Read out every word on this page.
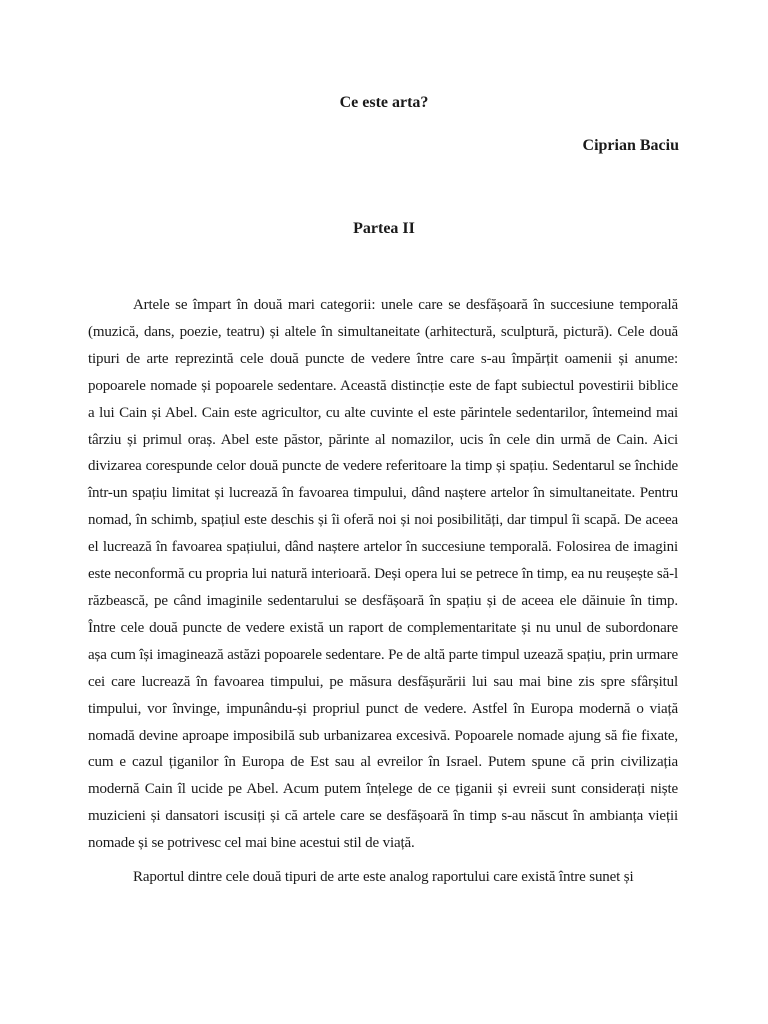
Ce este arta?
Ciprian Baciu
Partea II

Artele se împart în două mari categorii: unele care se desfășoară în succesiune temporală (muzică, dans, poezie, teatru) și altele în simultaneitate (arhitectură, sculptură, pictură). Cele două tipuri de arte reprezintă cele două puncte de vedere între care s-au împărțit oamenii și anume: popoarele nomade și popoarele sedentare. Această distincție este de fapt subiectul povestirii biblice a lui Cain și Abel. Cain este agricultor, cu alte cuvinte el este părintele sedentarilor, întemeind mai târziu și primul oraș. Abel este păstor, părinte al nomazilor, ucis în cele din urmă de Cain. Aici divizarea corespunde celor două puncte de vedere referitoare la timp și spațiu. Sedentarul se închide într-un spațiu limitat și lucrează în favoarea timpului, dând naștere artelor în simultaneitate. Pentru nomad, în schimb, spațiul este deschis și îi oferă noi și noi posibilități, dar timpul îi scapă. De aceea el lucrează în favoarea spațiului, dând naștere artelor în succesiune temporală. Folosirea de imagini este neconformă cu propria lui natură interioară. Deși opera lui se petrece în timp, ea nu reușește să-l răzbească, pe când imaginile sedentarului se desfășoară în spațiu și de aceea ele dăinuie în timp. Între cele două puncte de vedere există un raport de complementaritate și nu unul de subordonare așa cum își imaginează astăzi popoarele sedentare. Pe de altă parte timpul uzează spațiu, prin urmare cei care lucrează în favoarea timpului, pe măsura desfășurării lui sau mai bine zis spre sfârșitul timpului, vor învinge, impunându-și propriul punct de vedere. Astfel în Europa modernă o viață nomadă devine aproape imposibilă sub urbanizarea excesivă. Popoarele nomade ajung să fie fixate, cum e cazul țiganilor în Europa de Est sau al evreilor în Israel. Putem spune că prin civilizația modernă Cain îl ucide pe Abel. Acum putem înțelege de ce țiganii și evreii sunt considerați niște muzicieni și dansatori iscusiți și că artele care se desfășoară în timp s-au născut în ambianța vieții nomade și se potrivesc cel mai bine acestui stil de viață.

Raportul dintre cele două tipuri de arte este analog raportului care există între sunet și
